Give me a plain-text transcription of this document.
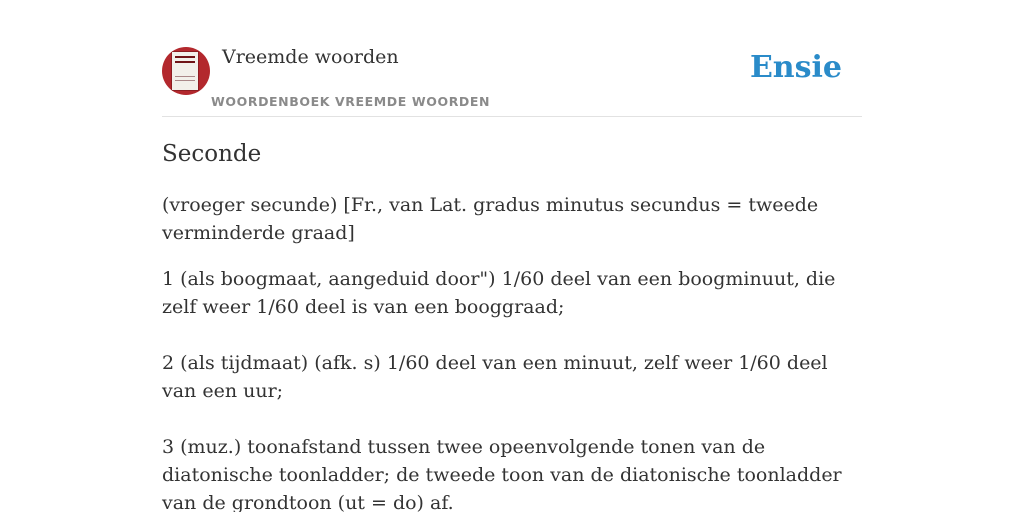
Vreemde woorden
WOORDENBOEK VREEMDE WOORDEN
Ensie
Seconde

(vroeger secunde) [Fr., van Lat. gradus minutus secundus = tweede verminderde graad]

1 (als boogmaat, aangeduid door") 1/60 deel van een boogminuut, die zelf weer 1/60 deel is van een booggraad;

2 (als tijdmaat) (afk. s) 1/60 deel van een minuut, zelf weer 1/60 deel van een uur;

3 (muz.) toonafstand tussen twee opeenvolgende tonen van de diatonische toonladder; de tweede toon van de diatonische toonladder van de grondtoon (ut = do) af.
